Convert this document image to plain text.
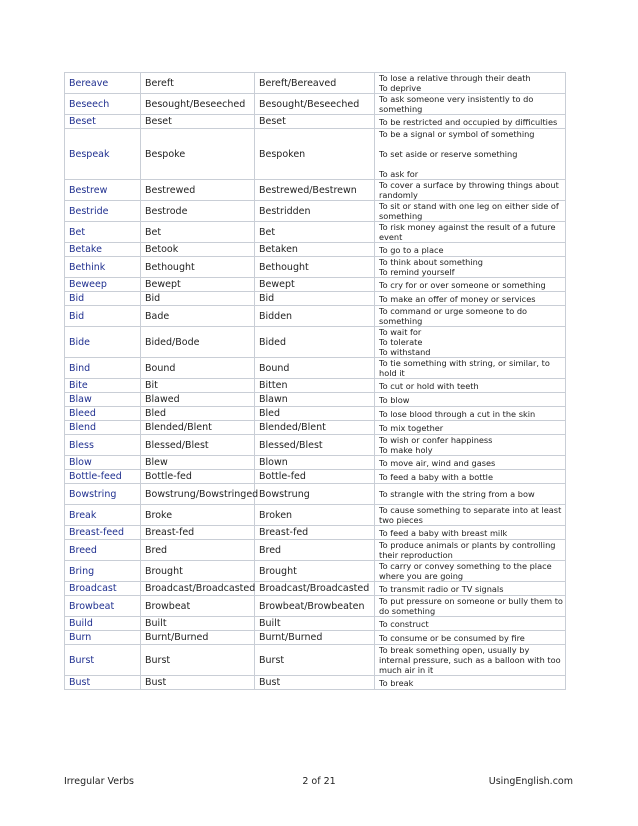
Bereave	Bereft	Bereft/Bereaved	To lose a relative through their death
To deprive

Beseech	Besought/Beseeched	Besought/Beseeched	To ask someone very insistently to do something

Beset	Beset	Beset	To be restricted and occupied by difficulties

Bespeak	Bespoke	Bespoken	To be a signal or symbol of something

To set aside or reserve something

To ask for

Bestrew	Bestrewed	Bestrewed/Bestrewn	To cover a surface by throwing things about randomly

Bestride	Bestrode	Bestridden	To sit or stand with one leg on either side of something

Bet	Bet	Bet	To risk money against the result of a future event

Betake	Betook	Betaken	To go to a place

Bethink	Bethought	Bethought	To think about something
To remind yourself

Beweep	Bewept	Bewept	To cry for or over someone or something

Bid	Bid	Bid	To make an offer of money or services

Bid	Bade	Bidden	To command or urge someone to do something

Bide	Bided/Bode	Bided	To wait for
To tolerate
To withstand

Bind	Bound	Bound	To tie something with string, or similar, to hold it

Bite	Bit	Bitten	To cut or hold with teeth

Blaw	Blawed	Blawn	To blow

Bleed	Bled	Bled	To lose blood through a cut in the skin

Blend	Blended/Blent	Blended/Blent	To mix together

Bless	Blessed/Blest	Blessed/Blest	To wish or confer happiness
To make holy

Blow	Blew	Blown	To move air, wind and gases

Bottle-feed	Bottle-fed	Bottle-fed	To feed a baby with a bottle

Bowstring	Bowstrung/Bowstringed	Bowstrung	To strangle with the string from a bow

Break	Broke	Broken	To cause something to separate into at least two pieces

Breast-feed	Breast-fed	Breast-fed	To feed a baby with breast milk

Breed	Bred	Bred	To produce animals or plants by controlling their reproduction

Bring	Brought	Brought	To carry or convey something to the place where you are going

Broadcast	Broadcast/Broadcasted	Broadcast/Broadcasted	To transmit radio or TV signals

Browbeat	Browbeat	Browbeat/Browbeaten	To put pressure on someone or bully them to do something

Build	Built	Built	To construct

Burn	Burnt/Burned	Burnt/Burned	To consume or be consumed by fire

Burst	Burst	Burst	To break something open, usually by internal pressure, such as a balloon with too much air in it

Bust	Bust	Bust	To break
Irregular Verbs	2 of 21	UsingEnglish.com
